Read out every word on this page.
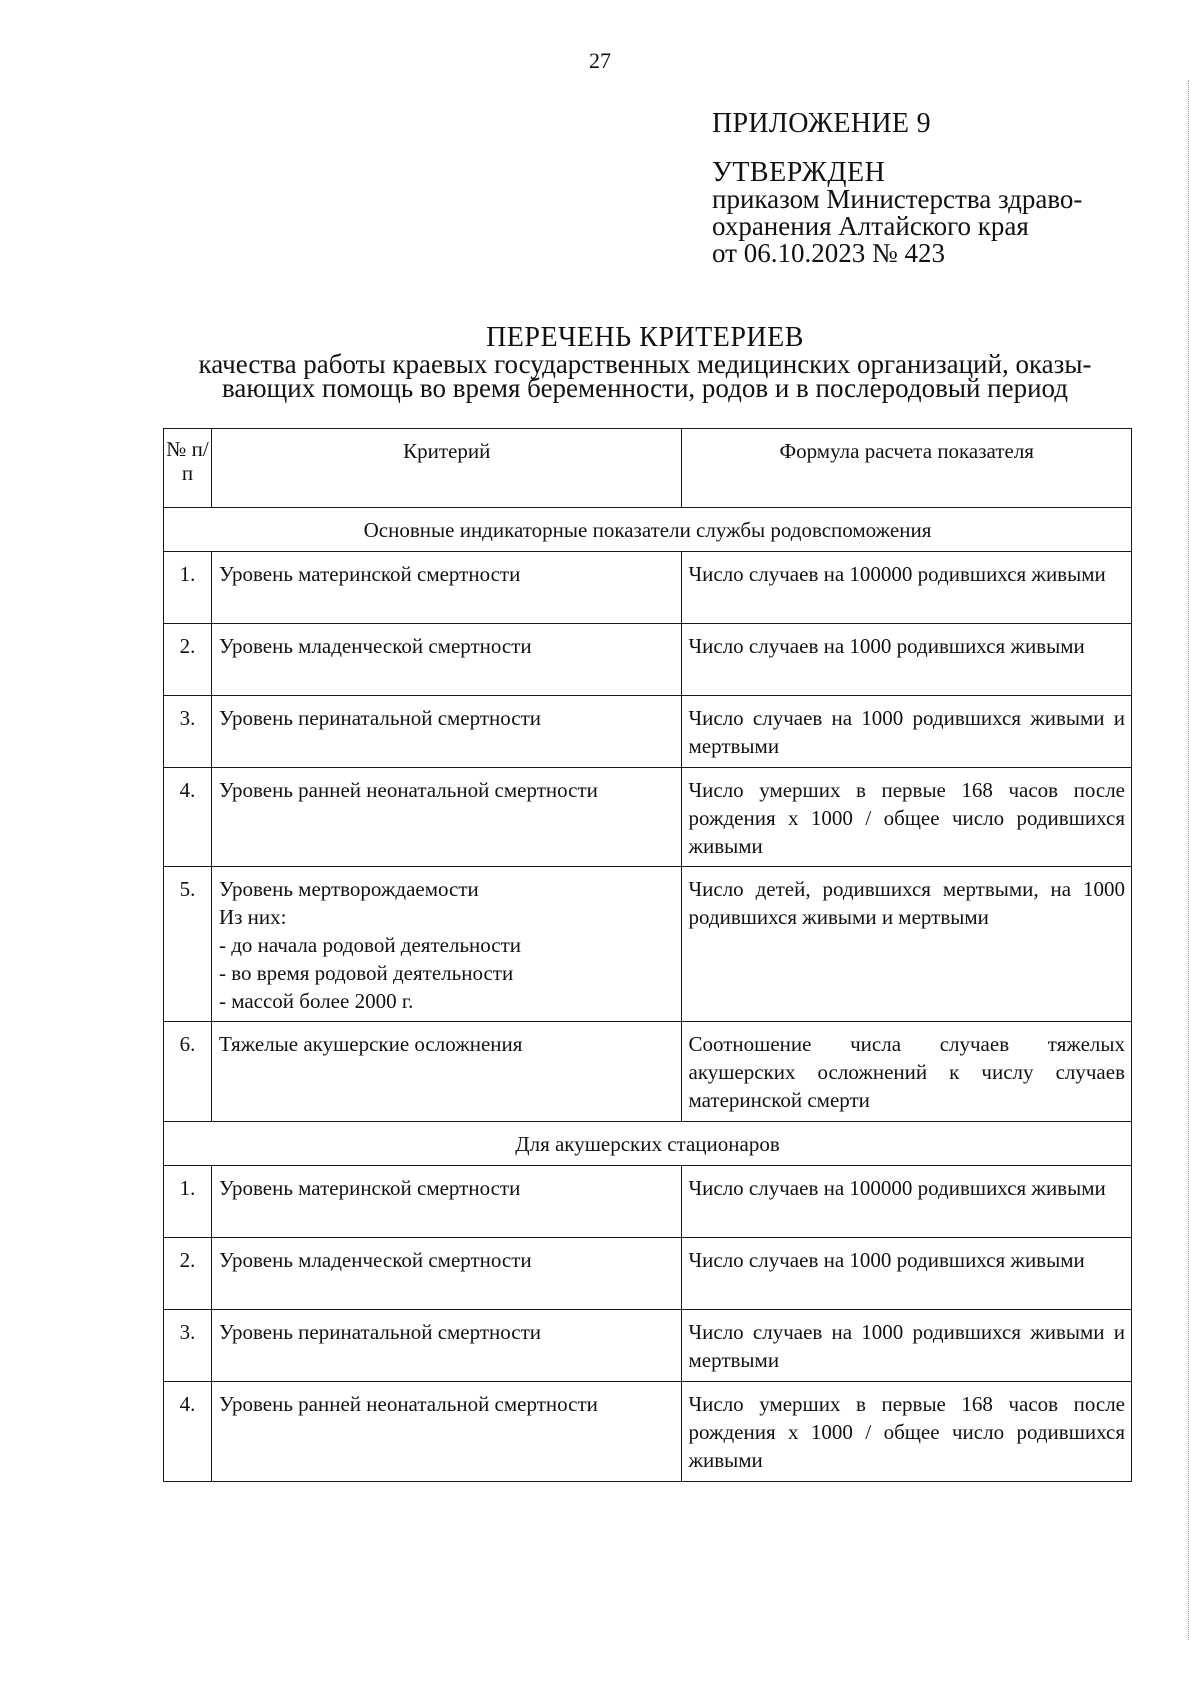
27
ПРИЛОЖЕНИЕ 9
УТВЕРЖДЕН
приказом Министерства здраво-
охранения Алтайского края
от 06.10.2023 № 423
ПЕРЕЧЕНЬ КРИТЕРИЕВ
качества работы краевых государственных медицинских организаций, оказы-
вающих помощь во время беременности, родов и в послеродовый период
№ п/п	Критерий	Формула расчета показателя
Основные индикаторные показатели службы родовспоможения		
1.	Уровень материнской смертности	Число случаев на 100000 родившихся живыми
2.	Уровень младенческой смертности	Число случаев на 1000 родившихся живыми
3.	Уровень перинатальной смертности	Число случаев на 1000 родившихся живыми и мертвыми
4.	Уровень ранней неонатальной смертности	Число умерших в первые 168 часов после рождения х 1000 / общее число родившихся живыми
5.	Уровень мертворождаемости
Из них:
- до начала родовой деятельности
- во время родовой деятельности
- массой более 2000 г.	Число детей, родившихся мертвыми, на 1000 родившихся живыми и мертвыми
6.	Тяжелые акушерские осложнения	Соотношение числа случаев тяжелых акушерских осложнений к числу случаев материнской смерти
Для акушерских стационаров		
1.	Уровень материнской смертности	Число случаев на 100000 родившихся живыми
2.	Уровень младенческой смертности	Число случаев на 1000 родившихся живыми
3.	Уровень перинатальной смертности	Число случаев на 1000 родившихся живыми и мертвыми
4.	Уровень ранней неонатальной смертности	Число умерших в первые 168 часов после рождения х 1000 / общее число родившихся живыми
